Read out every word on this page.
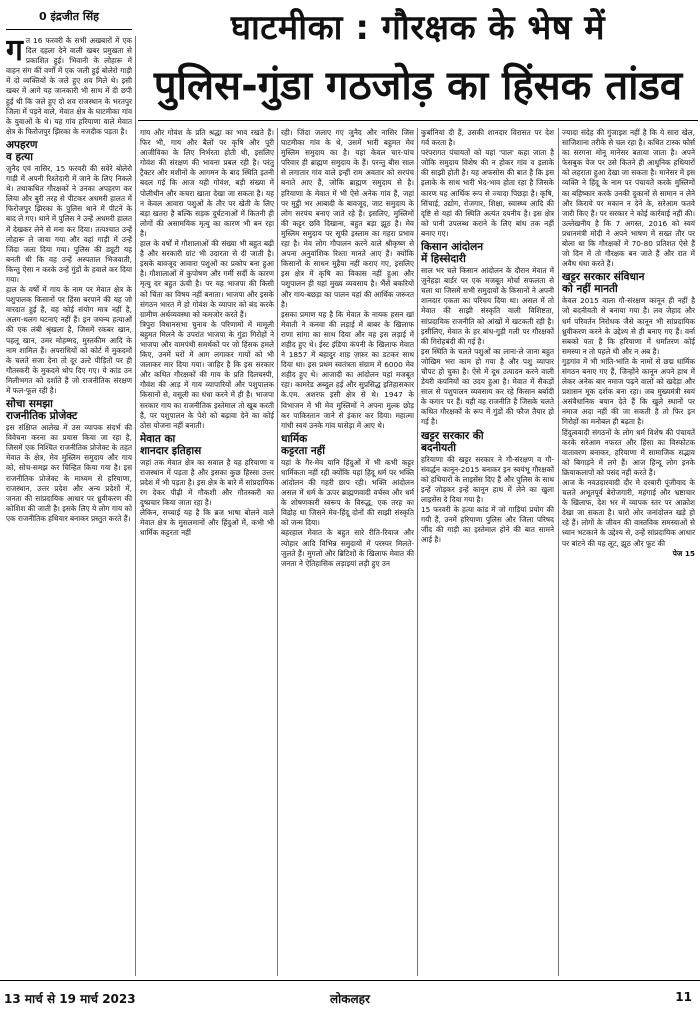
0 इंद्रजीत सिंह	घाटमीका : गौरक्षक के भेष में
पुलिस-गुंडा गठजोड़ का हिंसक तांडव

गत 16 फरवरी के सभी अखबारों में एक दिल दहला देने वाली खबर प्रमुखता से प्रकाशित हुई। भिवानी के लोहारू में वाहन संग कीं वर्णों में एक जली हुई बोलेरो गाड़ी में दो व्यक्तियों के जले हुए शव मिले थे। इसी खबर में आगे यह जानकारी भी साथ में दी छपी हुई थी कि जले हुए दो शव राजस्थान के भरतपुर जिला में पड़ने वाले, मेवात क्षेत्र के घाटमीका गांव के युवाओं के थे। यह गांव हरियाणा वाले मेवात क्षेत्र के फिरोजपुर झिरका के नजदीक पड़ता है।

अपहरण
व हत्या

जुनैद एवं नासिर, 15 फरवरी की सवेरे बोलेरो गाड़ी में अपनी रिश्तेदारी में जाने के लिए निकले थे। तथाकथित गौरक्षकों ने उनका अपहरण कर लिया और बुरी तरह से पीटकर अधमरी हालत में फिरोजपुर झिरका के पुलिस थाने में पीटने के बाद ले गए। थाने में पुलिस ने उन्हें अधमरी हालत में देखकर लेने से मना कर दिया। तत्पश्चात उन्हें लोहारू ले जाया गया और वहां गाड़ी में उन्हें जिंदा जला दिया गया। पुलिस की ड्यूटी यह बनती थी कि वह उन्हें अस्पताल भिजवाती, किन्तु ऐसा न करके उन्हें गुंडों के हवाले कर दिया गया।

हाल के वर्षों में गाय के नाम पर मेवात क्षेत्र के पशुपालक किसानों पर हिंसा बरपाने की यह जो वारदात हुई है, वह कोई संयोग मात्र नहीं है, अलग-थलग घटनाएं नहीं हैं। इन जघन्य हत्याओं की एक लंबी श्रृंखला है, जिसमें रकबर खान, पहलू खान, उमर मोहम्मद, मुस्तकीम आदि के नाम शामिल हैं। अपराधियों को कोर्ट में मुकदमों के चलते सजा देना तो दूर उल्टे पीड़ितों पर ही गौतस्करी के मुकदमे थोप दिए गए। ये कांड उन मिलीभगत को दर्शाते हैं जो राजनीतिक संरक्षण में फल-फूल रही है।

सोचा समझा
राजनीतिक प्रोजेक्ट

इस संक्षिप्त आलेख में उस व्यापक संदर्भ की विवेचना करना का प्रयास किया जा रहा है, जिसमें एक निश्चित राजनीतिक प्रोजेक्ट के तहत मेवात के क्षेत्र, मेव मुस्लिम समुदाय और गाय को, सोच-समझ कर चिन्हित किया गया है। इस राजनीतिक प्रोजेक्ट के माध्यम से हरियाणा, राजस्थान, उत्तर प्रदेश और अन्य प्रदेशों में, जनता की सांप्रदायिक आधार पर ध्रुवीकरण की कोशिश की जाती है। इसके लिए ये लोग गाय को एक राजनीतिक हथियार बनाकर प्रस्तुत करते हैं।

गाय और गोवंश के प्रति श्रद्धा का भाव रखते हैं। फिर भी, गाय और बैलों पर कृषि और पूरी आजीविका के लिए निर्भरता होती थी, इसलिए गोवंश की संरक्षण की भावना प्रबल रही है। परंतु ट्रैक्टर और मशीनों के आगमन के बाद स्थिति इतनी बदल गई कि आज यही गोवंश, बड़ी संख्या में पोलीथीन और कचरा खाता देखा जा सकता है। यह न केवल आवारा पशुओं के तौर पर खेती के लिए बड़ा खतरा है बल्कि सड़क दुर्घटनाओं में कितनी ही लोगों की असामयिक मृत्यु का कारण भी बन रहा है।

हाल के वर्षों में गौशालाओं की संख्या भी बहुत बढ़ी है और सरकारी ग्रांट भी उदारता से दी जाती है। इसके बावजूद आवारा पशुओं का प्रकोप बना हुआ है। गौशालाओं में कुपोषण और गर्मी सर्दी के कारण मृत्यु दर बहुत ऊंची है। पर यह भाजपा की किसी को चिंता का विषय नहीं बनाता। भाजपा और इसके संगठन भारत में हो गोवंश के व्यापार को बंद करके ग्रामीण अर्थव्यवस्था को कमजोर करते हैं।

त्रिपुरा विधानसभा चुनाव के परिणामों में मामूली बहुमत मिलने के उपरांत भाजपा के गुंडा गिरोहों ने भाजपा और वामपंथी समर्थकों पर जो हिंसक हमले किए, उनमें घरों में आग लगाकर गायों को भी जलाकर मार दिया गया। जाहिर है कि इस सरकार और कथित गौरक्षकों की गाय के प्रति दिलचस्पी, गौवंश की आड़ में गाय व्यापारियों और पशुपालक किसानों से, वसूली का धंधा करने में ही है। भाजपा सरकार गाय का राजनीतिक इस्तेमाल तो खूब करती है, पर पशुपालन के पेशे को बढ़ावा देने का कोई ठोस योजना नहीं बनाती।

मेवात का
शानदार इतिहास

जहां तक मेवात क्षेत्र का सवाल है यह हरियाणा व राजस्थान में पड़ता है और इसका कुछ हिस्सा उत्तर प्रदेश में भी पड़ता है। इस क्षेत्र के बारे में सांप्रदायिक रंग देकर पीढ़ी में गौकशी और गौतस्करी का दुष्प्रचार किया जाता रहा है।

लेकिन, सच्चाई यह है कि ब्रज भाषा बोलने वाले मेवात क्षेत्र के मुसलमानों और हिंदुओं में, कभी भी धार्मिक कट्टरता नहीं

रही। जिंदा जलाए गए जुनैद और नासिर जिस घाटमीका गांव के थे, उसमें भारी बहुमत मेव मुस्लिम समुदाय का है। यहां केवल चार-पांच परिवार ही ब्राह्मण समुदाय के हैं। परन्तु बीस साल से लगातार गांव वाले इन्हीं राम अवतार को सरपंच बनाते आए हैं, जोकि ब्राह्मण समुदाय से है। हरियाणा के मेवात में भी ऐसे अनेक गांव हैं, जहां पर मुट्ठी भर आबादी के बावजूद, जाट समुदाय के लोग सरपंच बनाए जाते रहे हैं। इसलिए, मुस्लिमों की कट्टर छवि दिखाना, बहुत बड़ा झूठ है। मेव मुस्लिम समुदाय पर सूफी इस्लाम का गहरा प्रभाव रहा है। मेव लोग गौपालन करने वाले श्रीकृष्ण से अपना अनुवांशिक रिश्ता मानते आए हैं। क्योंकि किसानों के साधन मुहैया नहीं कराए गए, इसलिए इस क्षेत्र में कृषि का विकास नहीं हुआ और पशुपालन ही यहां मुख्य व्यवसाय है। भैंसें बकरियों और गाय-बछड़ा का पालन यहां की आर्थिक जरूरत है।

इसका प्रमाण यह है कि मेवात के नायक हसन खां मेवाती ने कनवा की लड़ाई में बाबर के खिलाफ राणा सांगा का साथ दिया और वह इस लड़ाई में शहीद हुए थे। ईस्ट इंडिया कंपनी के खिलाफ मेवात ने 1857 में बहादुर शाह ज़फ़र का डटकर साथ दिया था। इस प्रथम स्वतंत्रता संग्राम में 6000 मेव शहीद हुए थे। आजादी का आंदोलन यहां मजबूत रहा। कामरेड अब्दुल हई और सुप्रसिद्ध इतिहासकार के.एम. अशरफ इसी क्षेत्र से थे। 1947 के विभाजन में भी मेव मुस्लिमों ने अपना मुल्क छोड़ कर पाकिस्तान जाने से इंकार कर दिया। महात्मा गांधी स्वयं उनके गांव घासेड़ा में आए थे।

धार्मिक
कट्टरता नहीं

यहां के गैर-मेव यानि हिंदुओं में भी कभी कट्टर धार्मिकता नहीं रही क्योंकि यहां हिंदू धर्म पर भक्ति आंदोलन की गहरी छाप रही। भक्ति आंदोलन असल में धर्म के ऊपर ब्राह्मणवादी वर्चस्व और धर्म के शोषणकारी स्वरूप के विरुद्ध, एक तरह का विद्रोह था जिसने मेव-हिंदू दोनों की साझी संस्कृति को जन्म दिया।

बहरहाल मेवात के बहुत सारे रीति-रिवाज और त्योहार आदि विभिन्न समुदायों में परस्पर मिलते-जुलते हैं। मुगलों और ब्रिटिशों के खिलाफ मेवात की जनता ने ऐतिहासिक लड़ाइयां लड़ी हुए उन

कुर्बानियां दी हैं, उसकी शानदार विरासत पर देश गर्व करता है।

परंपरागत पंचायतों को यहां 'पाल' कहा जाता है जोकि समुदाय विशेष की न होकर गांव व इलाके की साझी होती है। यह अफसोस की बात है कि इस इलाके के साथ भारी भेद-भाव होता रहा है जिसके कारण यह आर्थिक रूप से ज्यादा पिछड़ा है। कृषि, सिंचाई, उद्योग, रोजगार, शिक्षा, स्वास्थ्य आदि की दृष्टि से यहां की स्थिति अत्यंत दयनीय है। इस क्षेत्र को पानी उपलब्ध कराने के लिए बांध तक नहीं बनाए गए।

किसान आंदोलन
में हिस्सेदारी

साल भर चले किसान आंदोलन के दौरान मेवात में जुनेहड़ा बार्डर पर एक मजबूत मोर्चा सफलता से चला था जिसमें सभी समुदायों के किसानों ने अपनी शानदार एकता का परिचय दिया था। असल में तो मेवात की साझी संस्कृति वाली विशिष्टता, सांप्रदायिक राजनीति को आंखों में खटकती रही है। इसीलिए, मेवात के हर बांध-गुड़ी गली पर गौरक्षकों की गिरोहबंदी की गई है।

इस स्थिति के चलते पशुओं का लाना-ले जाना बहुत जोखिम भरा काम हो गया है और पशु व्यापार चौपट हो चुका है। ऐसे में दूध उत्पादन करने वाली डेयरी कंपनियों का उदय हुआ है। मेवात में सैकड़ों साल से पशुपालन व्यवसाय कर रहे किसान बर्बादी के कगार पर हैं। यही वह राजनीति है जिसके चलते कथित गौरक्षकों के रूप में गुंडों की फौज तैयार हो गई है।

खट्टर सरकार की
बदनीयती

हरियाणा की खट्टर सरकार ने गौ-संरक्षण व गौ-संवर्द्धन कानून-2015 बनाकर इन स्वयंभू गौरक्षकों को हथियारों के लाइसेंस दिए हैं और पुलिस के साथ इन्हें जोड़कर इन्हें कानून हाथ में लेने का खुला लाइसेंस दे दिया गया है।

15 फरवरी के हत्या कांड में जो गाड़ियां प्रयोग की गयी हैं, उनमें हरियाणा पुलिस और जिला परिषद जींद की गाड़ी का इस्तेमाल होने की बात सामने आई है।

ज्यादा संदेह की गुंजाइश नहीं है कि ये सारा खेल, साजिशाना तरीके से चल रहा है। कथित टास्क फोर्स का सरगना मोनू मानेसर बताया जाता है। अपने फेसबुक पेज पर उसे कितने ही आधुनिक हथियारों को लहराता हुआ देखा जा सकता है। मानेसर में इस व्यक्ति ने हिंदू के नाम पर पंचायतें करके मुस्लिमों का बहिष्कार करके उनकी दुकानों से सामान न लेने और किराये पर मकान न देने के, सरेआम फतवे जारी किए हैं। पर सरकार ने कोई कार्रवाई नहीं की। उल्लेखनीय है कि 7 अगस्त, 2016 को स्वयं प्रधानमंत्री मोदी ने अपने भाषण में सख्त तौर पर बोला था कि गौरक्षकों में 70-80 प्रतिशत ऐसे हैं जो दिन में तो गौरक्षक बन जाते हैं और रात में अवैध धंधा करते हैं।

खट्टर सरकार संविधान
को नहीं मानती

केवल 2015 वाला गौ-संरक्षण कानून ही नहीं है जो बदनीयती से बनाया गया है। लव जेहाद और धर्म परिवर्तन निरोधक जैसे कानून भी सांप्रदायिक ध्रुवीकरण करने के उद्देश्य से ही बनाए गए हैं। वर्ना सबको पता है कि हरियाणा में धर्मांतरण कोई समस्या न तो पहले थी और न अब है।

गुड़गांव में भी भांति-भांति के नामों से छद्म धार्मिक संगठन बनाए गए हैं, जिन्होंने कानून अपने हाथ में लेकर अनेक बार नमाज पढ़ने वालों को खदेड़ा और प्रशासन मूक दर्शक बना रहा। जब मुख्यमंत्री स्वयं असंवैधानिक बयान देते हैं कि खुले स्थानों पर नमाज अदा नहीं की जा सकती है तो फिर इन गिरोहों का मनोबल ही बढ़ता है।

हिंदुत्ववादी संगठनों के लोग धर्म विशेष की पंचायतें करके सरेआम नफरत और हिंसा का विस्फोटक वातावरण बनाकर, हरियाणा में सामाजिक सद्भाव को बिगाड़ने में लगे हैं। आज हिन्दू लोग इनके क्रियाकलापों को पसंद नहीं करते हैं।

आज के नवउदारवादी दौर मे दरबारी पूंजीवाद के चलते अभूतपूर्व बेरोजगारी, महंगाई और भ्रष्टाचार के खिलाफ, देश भर में व्यापक स्तर पर आक्रोश देखा जा सकता है। चारों ओर जनांदोलन खड़े हो रहे हैं। लोगों के जीवन की वास्तविक समस्याओं से ध्यान भटकाने के उद्देश्य से, उन्हें सांप्रदायिक आधार पर बांटने की यह लूट, झूठ और फूट की

पेज 15

13 मार्च से 19 मार्च 2023	लोकलहर	11
